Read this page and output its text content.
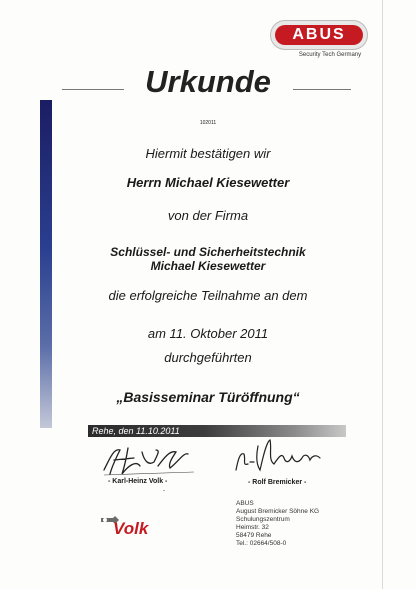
ABUS
Security Tech Germany
Urkunde
102011
Hiermit bestätigen wir
Herrn Michael Kiesewetter
von der Firma
Schlüssel- und Sicherheitstechnik
Michael Kiesewetter
die erfolgreiche Teilnahme an dem
am 11. Oktober 2011
durchgeführten
„Basisseminar Türöffnung“
Rehe, den 11.10.2011
- Karl-Heinz Volk -
-
- Rolf Bremicker -
Volk
ABUS
August Bremicker Söhne KG
Schulungszentrum
Heimstr. 32
58479 Rehe
Tel.: 02664/508-0
